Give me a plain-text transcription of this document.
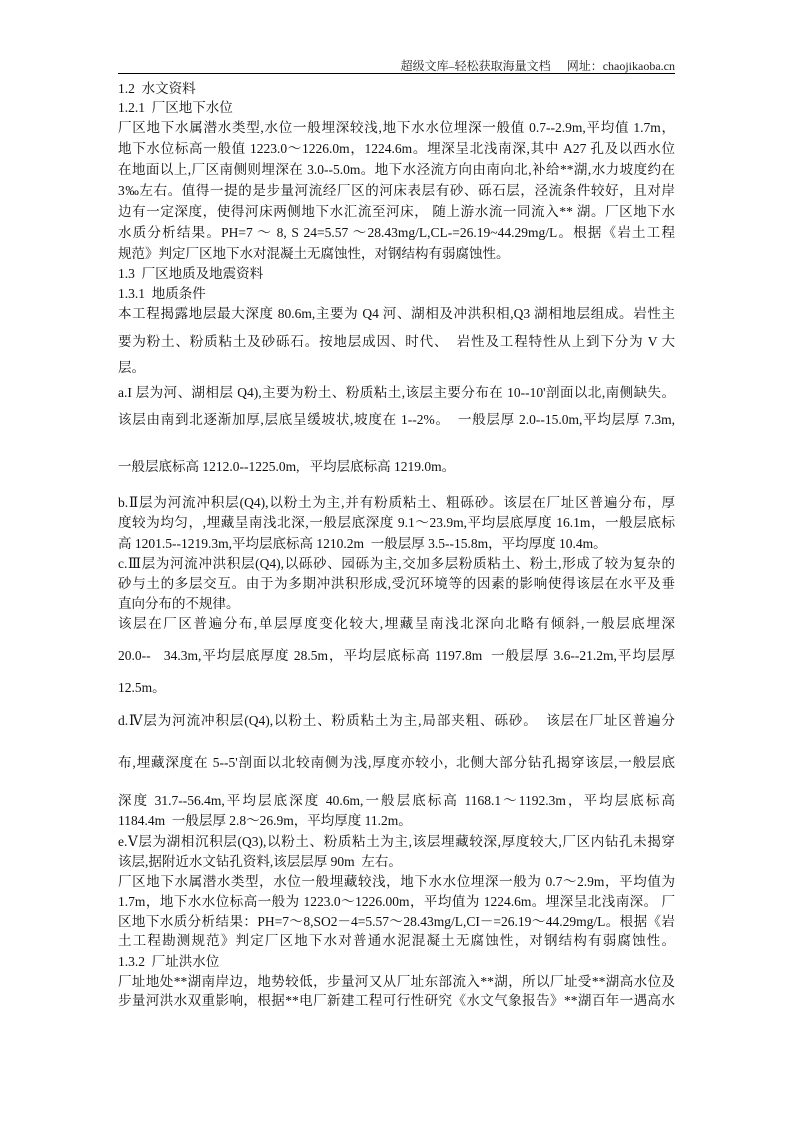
超级文库–轻松获取海量文档 网址：chaojikaoba.cn
1.2  水文资料
1.2.1  厂区地下水位
厂区地下水属潜水类型,水位一般埋深较浅,地下水水位埋深一般值 0.7--2.9m,平均值 1.7m，
地下水位标高一般值 1223.0～1226.0m，1224.6m。埋深呈北浅南深,其中 A27 孔及以西水位
在地面以上,厂区南侧则埋深在 3.0--5.0m。地下水泾流方向由南向北,补给**湖,水力坡度约在
3‰左右。值得一提的是步量河流经厂区的河床表层有砂、砾石层，泾流条件较好，且对岸
边有一定深度，使得河床两侧地下水汇流至河床， 随上游水流一同流入** 湖。厂区地下水
水质分析结果。PH=7 ～ 8, S 24=5.57 ～28.43mg/L,CL-=26.19~44.29mg/L。根据《岩土工程
规范》判定厂区地下水对混凝土无腐蚀性，对钢结构有弱腐蚀性。
1.3  厂区地质及地震资料
1.3.1  地质条件
本工程揭露地层最大深度 80.6m,主要为 Q4 河、湖相及冲洪积相,Q3 湖相地层组成。岩性主
要为粉土、粉质粘土及砂砾石。按地层成因、时代、  岩性及工程特性从上到下分为 V 大
层。
a.I 层为河、湖相层 Q4),主要为粉土、粉质粘土,该层主要分布在 10--10'剖面以北,南侧缺失。
该层由南到北逐渐加厚,层底呈缓坡状,坡度在 1--2%。  一般层厚 2.0--15.0m,平均层厚 7.3m,
一般层底标高 1212.0--1225.0m,   平均层底标高 1219.0m。
b.Ⅱ层为河流冲积层(Q4),以粉土为主,并有粉质粘土、粗砾砂。该层在厂址区普遍分布，厚
度较为均匀，,埋藏呈南浅北深,一般层底深度 9.1～23.9m,平均层底厚度 16.1m，一般层底标
高 1201.5--1219.3m,平均层底标高 1210.2m  一般层厚 3.5--15.8m，平均厚度 10.4m。
c.Ⅲ层为河流冲洪积层(Q4),以砾砂、园砾为主,交加多层粉质粘土、粉土,形成了较为复杂的
砂与土的多层交互。由于为多期冲洪积形成,受沉环境等的因素的影响使得该层在水平及垂
直向分布的不规律。
该层在厂区普遍分布,单层厚度变化较大,埋藏呈南浅北深向北略有倾斜,一般层底埋深
20.0--   34.3m,平均层底厚度 28.5m，平均层底标高 1197.8m  一般层厚 3.6--21.2m,平均层厚
12.5m。
d.Ⅳ层为河流冲积层(Q4),以粉土、粉质粘土为主,局部夹粗、砾砂。  该层在厂址区普遍分
布,埋藏深度在 5--5'剖面以北较南侧为浅,厚度亦较小,  北侧大部分钻孔揭穿该层,一般层底
深度 31.7--56.4m,平均层底深度 40.6m,一般层底标高 1168.1～1192.3m，平均层底标高
1184.4m  一般层厚 2.8～26.9m，平均厚度 11.2m。
e.Ⅴ层为湖相沉积层(Q3),以粉土、粉质粘土为主,该层埋藏较深,厚度较大,厂区内钻孔未揭穿
该层,据附近水文钻孔资料,该层层厚 90m  左右。
厂区地下水属潜水类型，水位一般埋藏较浅，地下水水位埋深一般为 0.7～2.9m，平均值为
1.7m，地下水水位标高一般为 1223.0～1226.00m，平均值为 1224.6m。埋深呈北浅南深。 厂
区地下水质分析结果：PH=7～8,SO2－4=5.57～28.43mg/L,CI－=26.19～44.29mg/L。根据《岩
土工程勘测规范》判定厂区地下水对普通水泥混凝土无腐蚀性，对钢结构有弱腐蚀性。
1.3.2  厂址洪水位
厂址地处**湖南岸边，地势较低，步量河又从厂址东部流入**湖，所以厂址受**湖高水位及
步量河洪水双重影响，根据**电厂新建工程可行性研究《水文气象报告》**湖百年一遇高水
